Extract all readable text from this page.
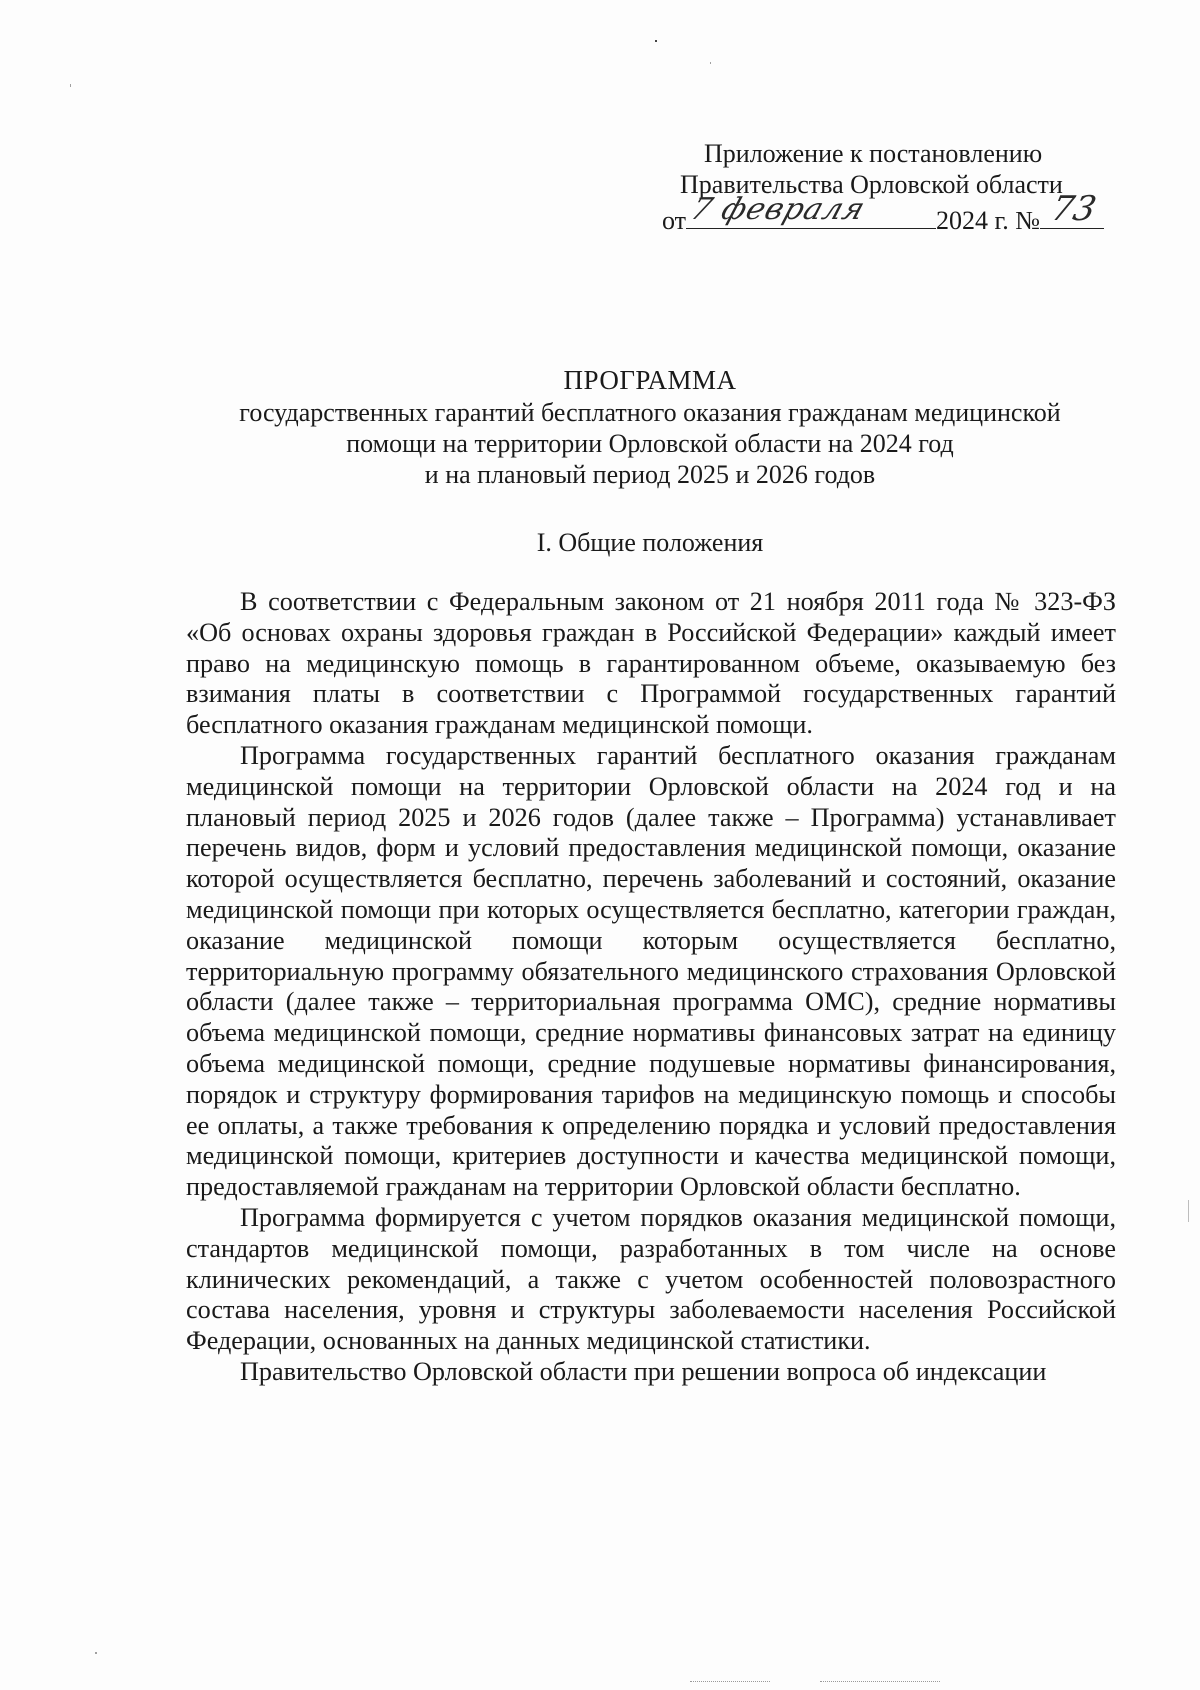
Приложение к постановлению
Правительства Орловской области
от 7 февраля	2024 г. № 73
ПРОГРАММА
государственных гарантий бесплатного оказания гражданам медицинской
помощи на территории Орловской области на 2024 год
и на плановый период 2025 и 2026 годов
I. Общие положения

В соответствии с Федеральным законом от 21 ноября 2011 года № 323-ФЗ «Об основах охраны здоровья граждан в Российской Федерации» каждый имеет право на медицинскую помощь в гарантированном объеме, оказываемую без взимания платы в соответствии с Программой государственных гарантий бесплатного оказания гражданам медицинской помощи.

Программа государственных гарантий бесплатного оказания гражданам медицинской помощи на территории Орловской области на 2024 год и на плановый период 2025 и 2026 годов (далее также – Программа) устанавливает перечень видов, форм и условий предоставления медицинской помощи, оказание которой осуществляется бесплатно, перечень заболеваний и состояний, оказание медицинской помощи при которых осуществляется бесплатно, категории граждан, оказание медицинской помощи которым осуществляется бесплатно, территориальную программу обязательного медицинского страхования Орловской области (далее также – территориальная программа ОМС), средние нормативы объема медицинской помощи, средние нормативы финансовых затрат на единицу объема медицинской помощи, средние подушевые нормативы финансирования, порядок и структуру формирования тарифов на медицинскую помощь и способы ее оплаты, а также требования к определению порядка и условий предоставления медицинской помощи, критериев доступности и качества медицинской помощи, предоставляемой гражданам на территории Орловской области бесплатно.

Программа формируется с учетом порядков оказания медицинской помощи, стандартов медицинской помощи, разработанных в том числе на основе клинических рекомендаций, а также с учетом особенностей половозрастного состава населения, уровня и структуры заболеваемости населения Российской Федерации, основанных на данных медицинской статистики.

Правительство Орловской области при решении вопроса об индексации
